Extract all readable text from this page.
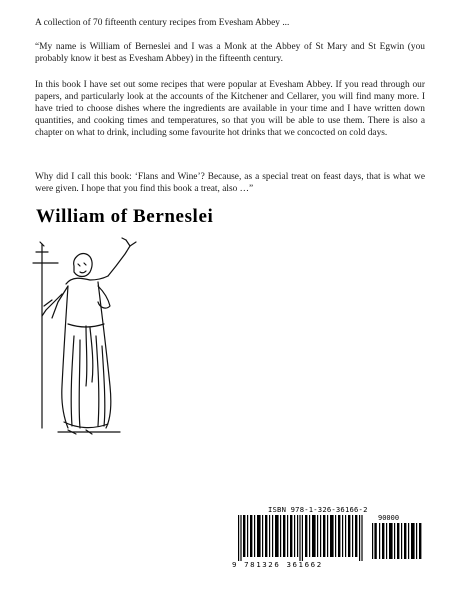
A collection of 70 fifteenth century recipes from Evesham Abbey ...

“My name is William of Berneslei and I was a Monk at the Abbey of St Mary and St Egwin (you probably know it best as Evesham Abbey) in the fifteenth century.

In this book I have set out some recipes that were popular at Evesham Abbey. If you read through our papers, and particularly look at the accounts of the Kitchener and Cellarer, you will find many more. I have tried to choose dishes where the ingredients are available in your time and I have written down quantities, and cooking times and temperatures, so that you will be able to use them. There is also a chapter on what to drink, including some favourite hot drinks that we concocted on cold days.

Why did I call this book: ‘Flans and Wine’? Because, as a special treat on feast days, that is what we were given. I hope that you find this book a treat, also …”

William of Berneslei

ISBN 978-1-326-36166-2

90000

9 781326 361662
